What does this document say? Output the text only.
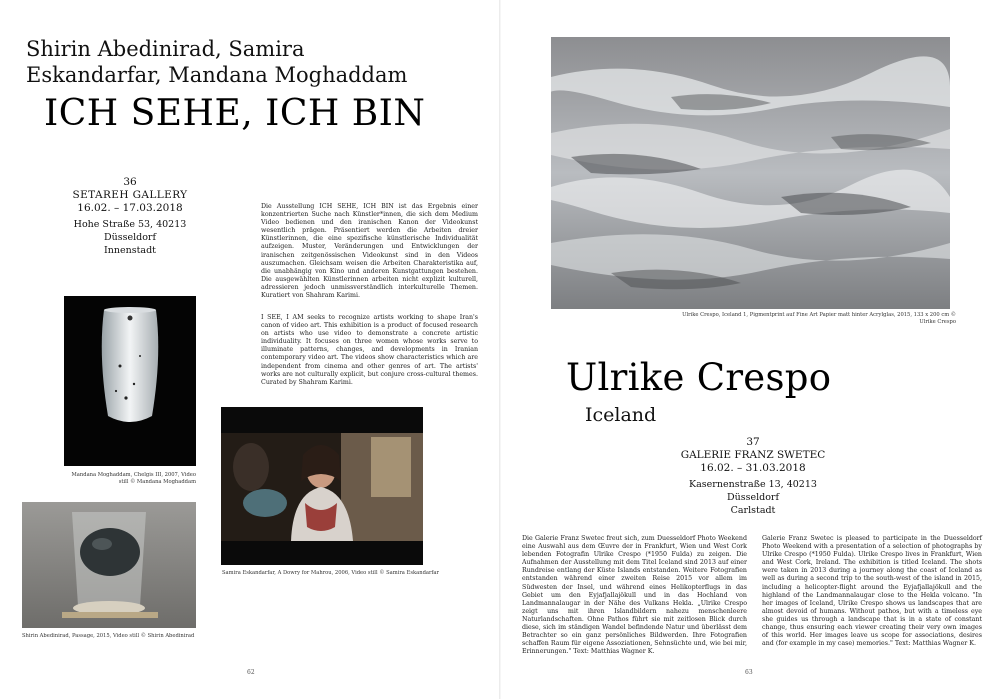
Shirin Abedinirad, Samira Eskandarfar, Mandana Moghaddam
ICH SEHE, ICH BIN
36
SETAREH GALLERY
16.02. – 17.03.2018
Hohe Straße 53, 40213 Düsseldorf
Innenstadt
Die Ausstellung ICH SEHE, ICH BIN ist das Ergebnis einer konzentrierten Suche nach Künstler*innen, die sich dem Medium Video bedienen und den iranischen Kanon der Videokunst wesentlich prägen. Präsentiert werden die Arbeiten dreier Künstlerinnen, die eine spezifische künstlerische Individualität aufzeigen. Muster, Veränderungen und Entwicklungen der iranischen zeitgenössischen Videokunst sind in den Videos auszumachen. Gleichsam weisen die Arbeiten Charakteristika auf, die unabhängig von Kino und anderen Kunstgattungen bestehen. Die ausgewählten Künstlerinnen arbeiten nicht explizit kulturell, adressieren jedoch unmissverständlich interkulturelle Themen. Kuratiert von Shahram Karimi.
I SEE, I AM seeks to recognize artists working to shape Iran's canon of video art. This exhibition is a product of focused research on artists who use video to demonstrate a concrete artistic individuality. It focuses on three women whose works serve to illuminate patterns, changes, and developments in Iranian contemporary video art. The videos show characteristics which are independent from cinema and other genres of art. The artists' works are not culturally explicit, but conjure cross-cultural themes. Curated by Shahram Karimi.
Mandana Moghaddam, Chelgis III, 2007, Video still © Mandana Moghaddam
Samira Eskandarfar, A Dowry for Mahrou, 2006, Video still © Samira Eskandarfar
Shirin Abedinirad, Passage, 2015, Video still © Shirin Abedinirad
62
Ulrike Crespo, Iceland 1, Pigmentprint auf Fine Art Papier matt hinter Acrylglas, 2015, 133 x 200 cm © Ulrike Crespo
Ulrike Crespo
Iceland
37
GALERIE FRANZ SWETEC
16.02. – 31.03.2018
Kasernenstraße 13, 40213 Düsseldorf
Carlstadt
Die Galerie Franz Swetec freut sich, zum Duesseldorf Photo Weekend eine Auswahl aus dem Œuvre der in Frankfurt, Wien und West Cork lebenden Fotografin Ulrike Crespo (*1950 Fulda) zu zeigen. Die Aufnahmen der Ausstellung mit dem Titel Iceland sind 2013 auf einer Rundreise entlang der Küste Islands entstanden. Weitere Fotografien entstanden während einer zweiten Reise 2015 vor allem im Südwesten der Insel, und während eines Helikopterflugs in das Gebiet um den Eyjafjallajökull und in das Hochland von Landmannalaugar in der Nähe des Vulkans Hekla. „Ulrike Crespo zeigt uns mit ihren Islandbildern nahezu menschenleere Naturlandschaften. Ohne Pathos führt sie mit zeitlosen Blick durch diese, sich im ständigen Wandel befindende Natur und überlässt dem Betrachter so ein ganz persönliches Bildwerden. Ihre Fotografien schaffen Raum für eigene Assoziationen, Sehnsüchte und, wie bei mir, Erinnerungen." Text: Matthias Wagner K.
Galerie Franz Swetec is pleased to participate in the Duesseldorf Photo Weekend with a presentation of a selection of photographs by Ulrike Crespo (*1950 Fulda). Ulrike Crespo lives in Frankfurt, Wien and West Cork, Ireland. The exhibition is titled Iceland. The shots were taken in 2013 during a journey along the coast of Iceland as well as during a second trip to the south-west of the island in 2015, including a helicopter-flight around the Eyjafjallajökull and the highland of the Landmannalaugar close to the Hekla volcano. "In her images of Iceland, Ulrike Crespo shows us landscapes that are almost devoid of humans. Without pathos, but with a timeless eye she guides us through a landscape that is in a state of constant change, thus ensuring each viewer creating their very own images of this world. Her images leave us scope for associations, desires and (for example in my case) memories." Text: Matthias Wagner K.
63
